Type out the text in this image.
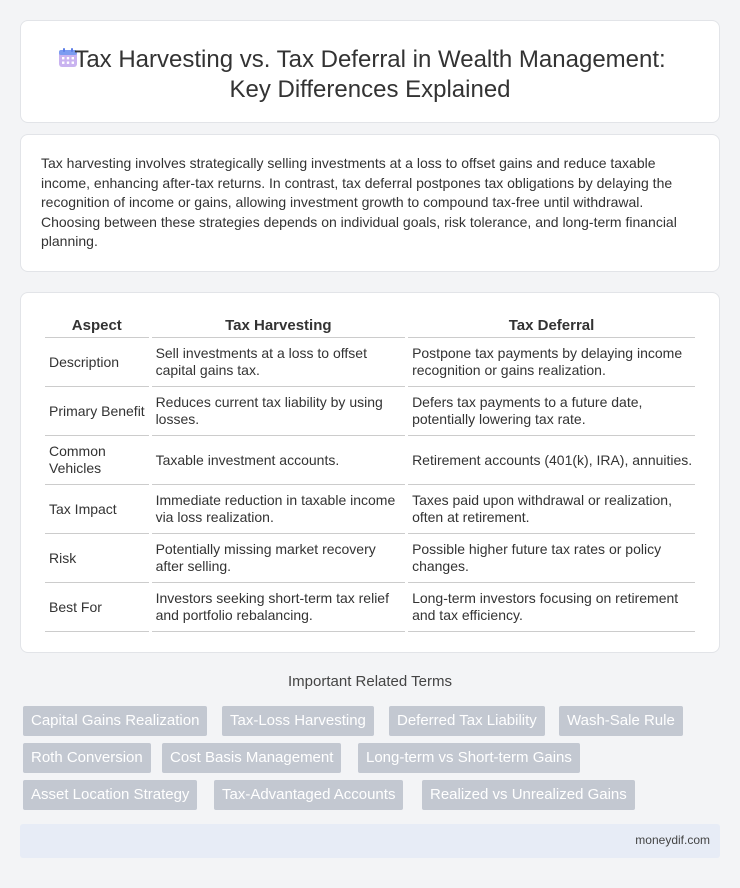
Tax Harvesting vs. Tax Deferral in Wealth Management:
Key Differences Explained

Tax harvesting involves strategically selling investments at a loss to offset gains and reduce taxable income, enhancing after-tax returns. In contrast, tax deferral postpones tax obligations by delaying the recognition of income or gains, allowing investment growth to compound tax-free until withdrawal. Choosing between these strategies depends on individual goals, risk tolerance, and long-term financial planning.

Aspect	Tax Harvesting	Tax Deferral
Description	Sell investments at a loss to offset capital gains tax.	Postpone tax payments by delaying income recognition or gains realization.
Primary Benefit	Reduces current tax liability by using losses.	Defers tax payments to a future date, potentially lowering tax rate.
Common Vehicles	Taxable investment accounts.	Retirement accounts (401(k), IRA), annuities.
Tax Impact	Immediate reduction in taxable income via loss realization.	Taxes paid upon withdrawal or realization, often at retirement.
Risk	Potentially missing market recovery after selling.	Possible higher future tax rates or policy changes.
Best For	Investors seeking short-term tax relief and portfolio rebalancing.	Long-term investors focusing on retirement and tax efficiency.
Important Related Terms
Capital Gains Realization	Tax-Loss Harvesting	Deferred Tax Liability	Wash-Sale Rule
Roth Conversion	Cost Basis Management	Long-term vs Short-term Gains
Asset Location Strategy	Tax-Advantaged Accounts	Realized vs Unrealized Gains
moneydif.com
